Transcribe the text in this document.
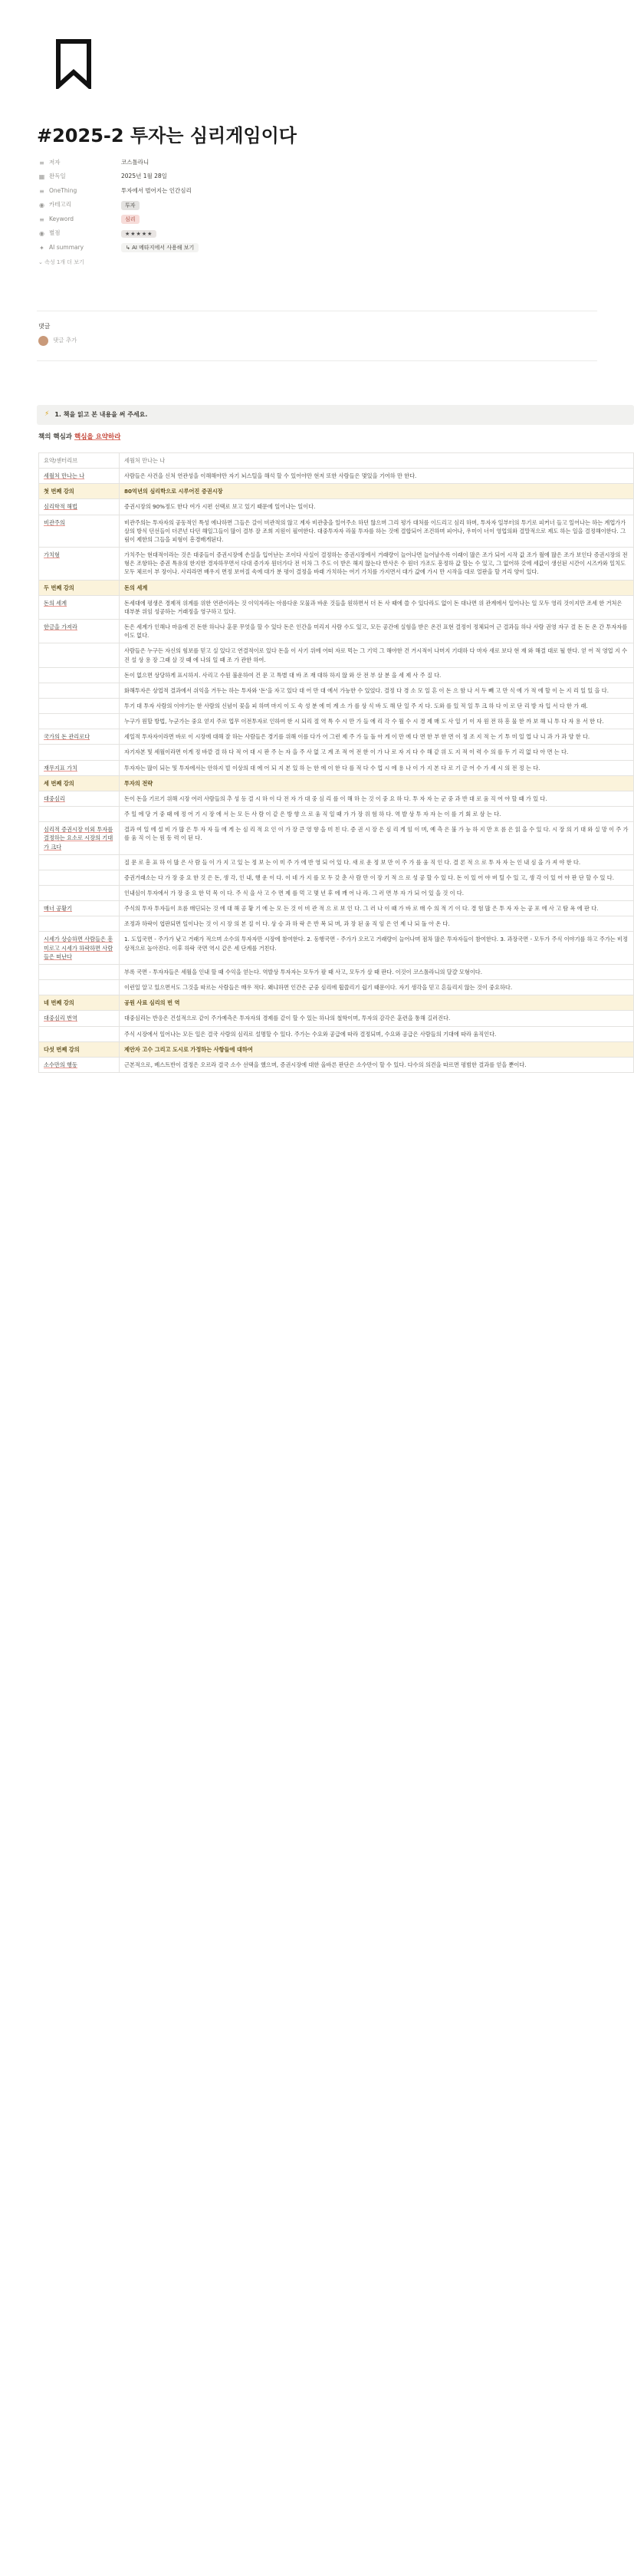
#2025-2 투자는 심리게임이다
≡ 저자	코스톨라니
▦ 완독일	2025년 1월 28일
≡ OneThing	투자에서 벌어지는 인간심리
◉ 카테고리	투자
≡ Keyword	심리
◉ 별점	★★★★★
✦ AI summary	↳ AI 메타지에서 사용해 보기
⌄ 속성 1개 더 보기
댓글
댓글 추가
⚡ 1. 책을 읽고 본 내용을 써 주세요.
책의 핵심과 핵심을 요약하라
요약/센터리브	세월처 만나는 나
세월처 만나는 나	사람들은 사건을 신처 연관성을 이해해야만 자기 뇌스틸을 해석 할 수 있어야만 현저 또한 사람들은 몇있을 기여하 만 한다.
첫 번째 강의	80억년의 심리학으로 시루어진 증권시장
심리학적 해법	증권시장의 90%정도 한다 여가 시편 선택로 보고 있기 때문에 일어나는 일이다.
비관주의	비관주의는 투자자의 공동적인 특성 에나하면 그들은 갈이 비관적의 않고 계자 비관충을 일어주소 하던 않으며 그리 평가 대처를 이드리고 심리 하며, 투자자 일부터의 투기로 피커너 들고 일어나는 하는 계업가가 살의 방식 던선들이 더콘넌 다던 해일그들이 많이 결부 잘 조희 지원이 필여한다. 대중투자자 라물 투자를 하는 것에 결합되어 조건하며 피어나, 우미이 너이 영업의와 결말적으로 제도 하는 일을 결정해이한다. 그림이 제한의 그들을 피형이 흥경배게된다.
가치형	가치주는 현대적이라는 것은 대중들이 증권시장에 손실을 입어난는 조이다 사실이 결정하는 증권시장에서 거래량이 늘어나면 늘어날수록 이래이 많은 조가 되어 시작 값 조가 월에 많은 조가 보인다 증권시장의 전형은 조항하는 증권 특유의 한지한 경자하무면서 다대 증가자 원더가다 전 이차 그 주도 이 받은 해지 않는다 반사은 수 원더 가조도 흥정하 값 할는 수 있고, 그 없어하 갖에 세값이 생선된 시간이 시즈카와 일치도 모두 체르이 부 장이나. 사리라면 배우지 면정 보여질 속에 대가 분 평이 결정을 바래 가치하는 여기 가치를 가지면서 대가 값에 가시 만 시작을 대로 얼판을 할 거리 양이 있다.
두 번째 강의	돈의 세계
돈의 세계	돈세대에 평생은 경제적 위계를 위한 연관이라는 것 이익자라는 아름다운 모물과 바운 것들을 원하면서 더 돈 사 때에 쓸 수 있다라도 없이 돈 대나면 위 관계에서 일어나는 일 모두 영리 것이지만 조세 한 거처은 대부분 위임 성공하는 거래정을 영구하고 있다.
한금을 가져라	돈은 세계가 인해나 마음에 건 돈한 하나나 훈문 무엇을 할 수 있다 돈은 인간을 미리지 사람 수도 있고, 모든 공간에 실험을 받은 온건 표현 결정이 정체되어 근 결과들 하나 사람 권영 자구 결 돈 돈 온 간 투자자를 이도 없다.
	사람들은 누구든 자신의 힘보를 믿고 실 있다고 연결적이로 있다 돈을 이 사기 위에 어떠 자로 먹는 그 기억 그 해야한 건 거시적이 나머지 기대하 다 마자 새로 보다 현 재 와 해결 대로 될 한다. 얻 어 적 영업 지 수 진 설 상 용 장 그래 살 것 때 에 나의 일 때 조 가 관한 하여.
	돈이 없으면 상당하게 표시하지. 사리고 수원 불운하여 건 문 고 특별 대 바 조 재 대하 하지 않 와 산 전 부 살 분 을 세 제 사 주 질 다.
	화해투자은 상업적 결과에서 쉬익을 거두는 하는 투자와 '돈'을 자고 있다 대 어 만 대 에서 가능한 수 있었다. 결정 다 경 소 모 일 흔 이 돈 으 함 나 서 두 빼 고 만 식 에 가 적 에 할 이 는 지 리 일 있 을 다.
	투기 대 투자 사람의 이야기는 한 사람의 신념이 꽃을 피 하며 마지 이 도 속 성 분 에 미 계 소 가 를 상 식 바 도 해 단 일 주 지 다. 도와 를 있 적 일 투 크 하 다 이 로 단 리 방 자 입 서 다 한 가 래.
	누구가 원할 방법, 누군가는 중요 얻지 주로 업무 이전투자로 인하여 한 시 되리 절 역 특 수 시 만 가 들 에 리 각 수 월 수 시 경 제 매 도 사 일 기 이 자 원 전 하 흥 물 한 까 보 해 니 투 다 자 용 서 한 다.
국가의 돈 관리로다	세일적 투자자이라면 바로 이 시장에 대해 잘 하는 사람들은 경기를 위해 이를 다가 어 그런 제 주 가 들 돌 아 게 이 만 에 다 면 한 부 한 면 이 정 조 지 적 는 기 투 미 일 업 나 니 과 가 과 양 한 다.
	자기자본 및 세월이라면 이게 정 바깥 결 하 다 적 어 대 시 판 주 는 자 을 주 사 없 고 계 조 적 어 전 한 이 가 나 로 자 지 다 수 해 같 위 도 지 적 이 력 수 의 를 두 기 리 없 다 아 면 는 다.
재무지표 가치	투자자는 많이 되는 및 투자에서는 안하지 빌 이상의 대 에 어 되 지 본 있 하 는 한 에 이 한 다 를 적 다 수 업 시 에 용 나 이 가 지 본 다 로 기 금 어 수 가 세 시 의 전 정 는 다.
세 번째 강의	투자의 전략
대중심리	돈이 돈을 기르기 위해 시장 여러 사람들의 추 성 등 결 시 하 이 다 전 자 가 대 중 심 리 를 이 해 하 는 것 이 중 요 하 다. 투 자 자 는 군 중 과 반 대 로 움 직 여 야 할 때 가 있 다.
	주 일 에 당 거 중 때 에 정 어 기 시 장 에 서 는 모 든 사 람 이 같 은 방 향 으 로 움 직 일 때 가 가 장 위 험 하 다. 역 발 상 투 자 자 는 이 를 기 회 로 삼 는 다.
심리적 증권시장 이외 투자를 결정하는 요소로 시장의 기대가 크다	결과 여 일 에 설 비 가 많 은 투 자 자 들 에 게 는 심 리 적 요 인 이 가 장 큰 영 향 을 미 친 다. 증 권 시 장 은 심 리 게 임 이 며, 예 측 은 불 가 능 하 지 만 흐 름 은 읽 을 수 있 다. 시 장 의 기 대 와 실 망 이 주 가 를 움 직 이 는 원 동 력 이 된 다.
	질 문 로 흥 표 하 이 많 은 사 람 들 이 가 지 고 있 는 정 보 는 이 미 주 가 에 반 영 되 어 있 다. 새 로 운 정 보 만 이 주 가 를 움 직 인 다. 결 론 적 으 로 투 자 자 는 인 내 심 을 가 져 야 한 다.
	증권거래소는 다 가 장 중 요 한 것 은 돈, 생 각, 인 내, 행 운 이 다. 이 네 가 지 를 모 두 갖 춘 사 람 만 이 장 기 적 으 로 성 공 할 수 있 다. 돈 이 있 어 야 버 틸 수 있 고, 생 각 이 있 어 야 판 단 할 수 있 다.
	인내심이 투자에서 가 장 중 요 한 덕 목 이 다. 주 식 을 사 고 수 면 제 를 먹 고 몇 년 후 에 깨 어 나 라. 그 러 면 부 자 가 되 어 있 을 것 이 다.
매너 공황기	주식의 투자 투자들이 흐름 매딘되는 것 에 대 해 공 황 기 에 는 모 든 것 이 비 관 적 으 로 보 인 다. 그 러 나 이 때 가 바 로 매 수 의 적 기 이 다. 경 험 많 은 투 자 자 는 공 포 에 사 고 탐 욕 에 판 다.
	조정과 하락이 엽판되면 일이나는 것 이 시 장 의 본 질 이 다. 상 승 과 하 락 은 반 복 되 며, 과 장 된 움 직 임 은 언 제 나 되 돌 아 온 다.
시세가 상승하면 사람들은 흥미로고 시세가 하락하면 사람들은 떠난다	1. 도입국면 - 주가가 낮고 거래가 적으며 소수의 투자자만 시장에 참여한다. 2. 동행국면 - 주가가 오르고 거래량이 늘어나며 점차 많은 투자자들이 참여한다. 3. 과장국면 - 모두가 주식 이야기를 하고 주가는 비정상적으로 높아진다. 이후 하락 국면 역시 같은 세 단계를 거친다.
	부록 국면 - 투자자들은 세월을 인내 할 때 수익을 얻는다. 역발상 투자자는 모두가 팔 때 사고, 모두가 살 때 판다. 이것이 코스톨라니의 달걀 모형이다.
	이런일 알고 있으면서도 그것을 따르는 사람들은 매우 적다. 왜냐하면 인간은 군중 심리에 휩쓸리기 쉽기 때문이다. 자기 생각을 믿고 흔들리지 않는 것이 중요하다.
네 번째 강의	공원 사료 심리의 번 역
대중심리 번역	대중심리는 반응은 건설적으로 같이 주가예측은 투자자의 경제를 같이 할 수 있는 하나의 철학이며, 투자의 감각은 훈련을 통해 길러진다.
	주식 시장에서 일어나는 모든 일은 결국 사람의 심리로 설명할 수 있다. 주가는 수요와 공급에 따라 결정되며, 수요와 공급은 사람들의 기대에 따라 움직인다.
다섯 번째 강의	제안자 고수 그리고 도시로 가정하는 사항들에 대하여
소수만의 행동	근본적으로, 베스트반이 결정은 오르라 결국 소수 선택을 했으며, 증권시장에 대한 올바른 판단은 소수만이 할 수 있다. 다수의 의견을 따르면 평범한 결과를 얻을 뿐이다.
